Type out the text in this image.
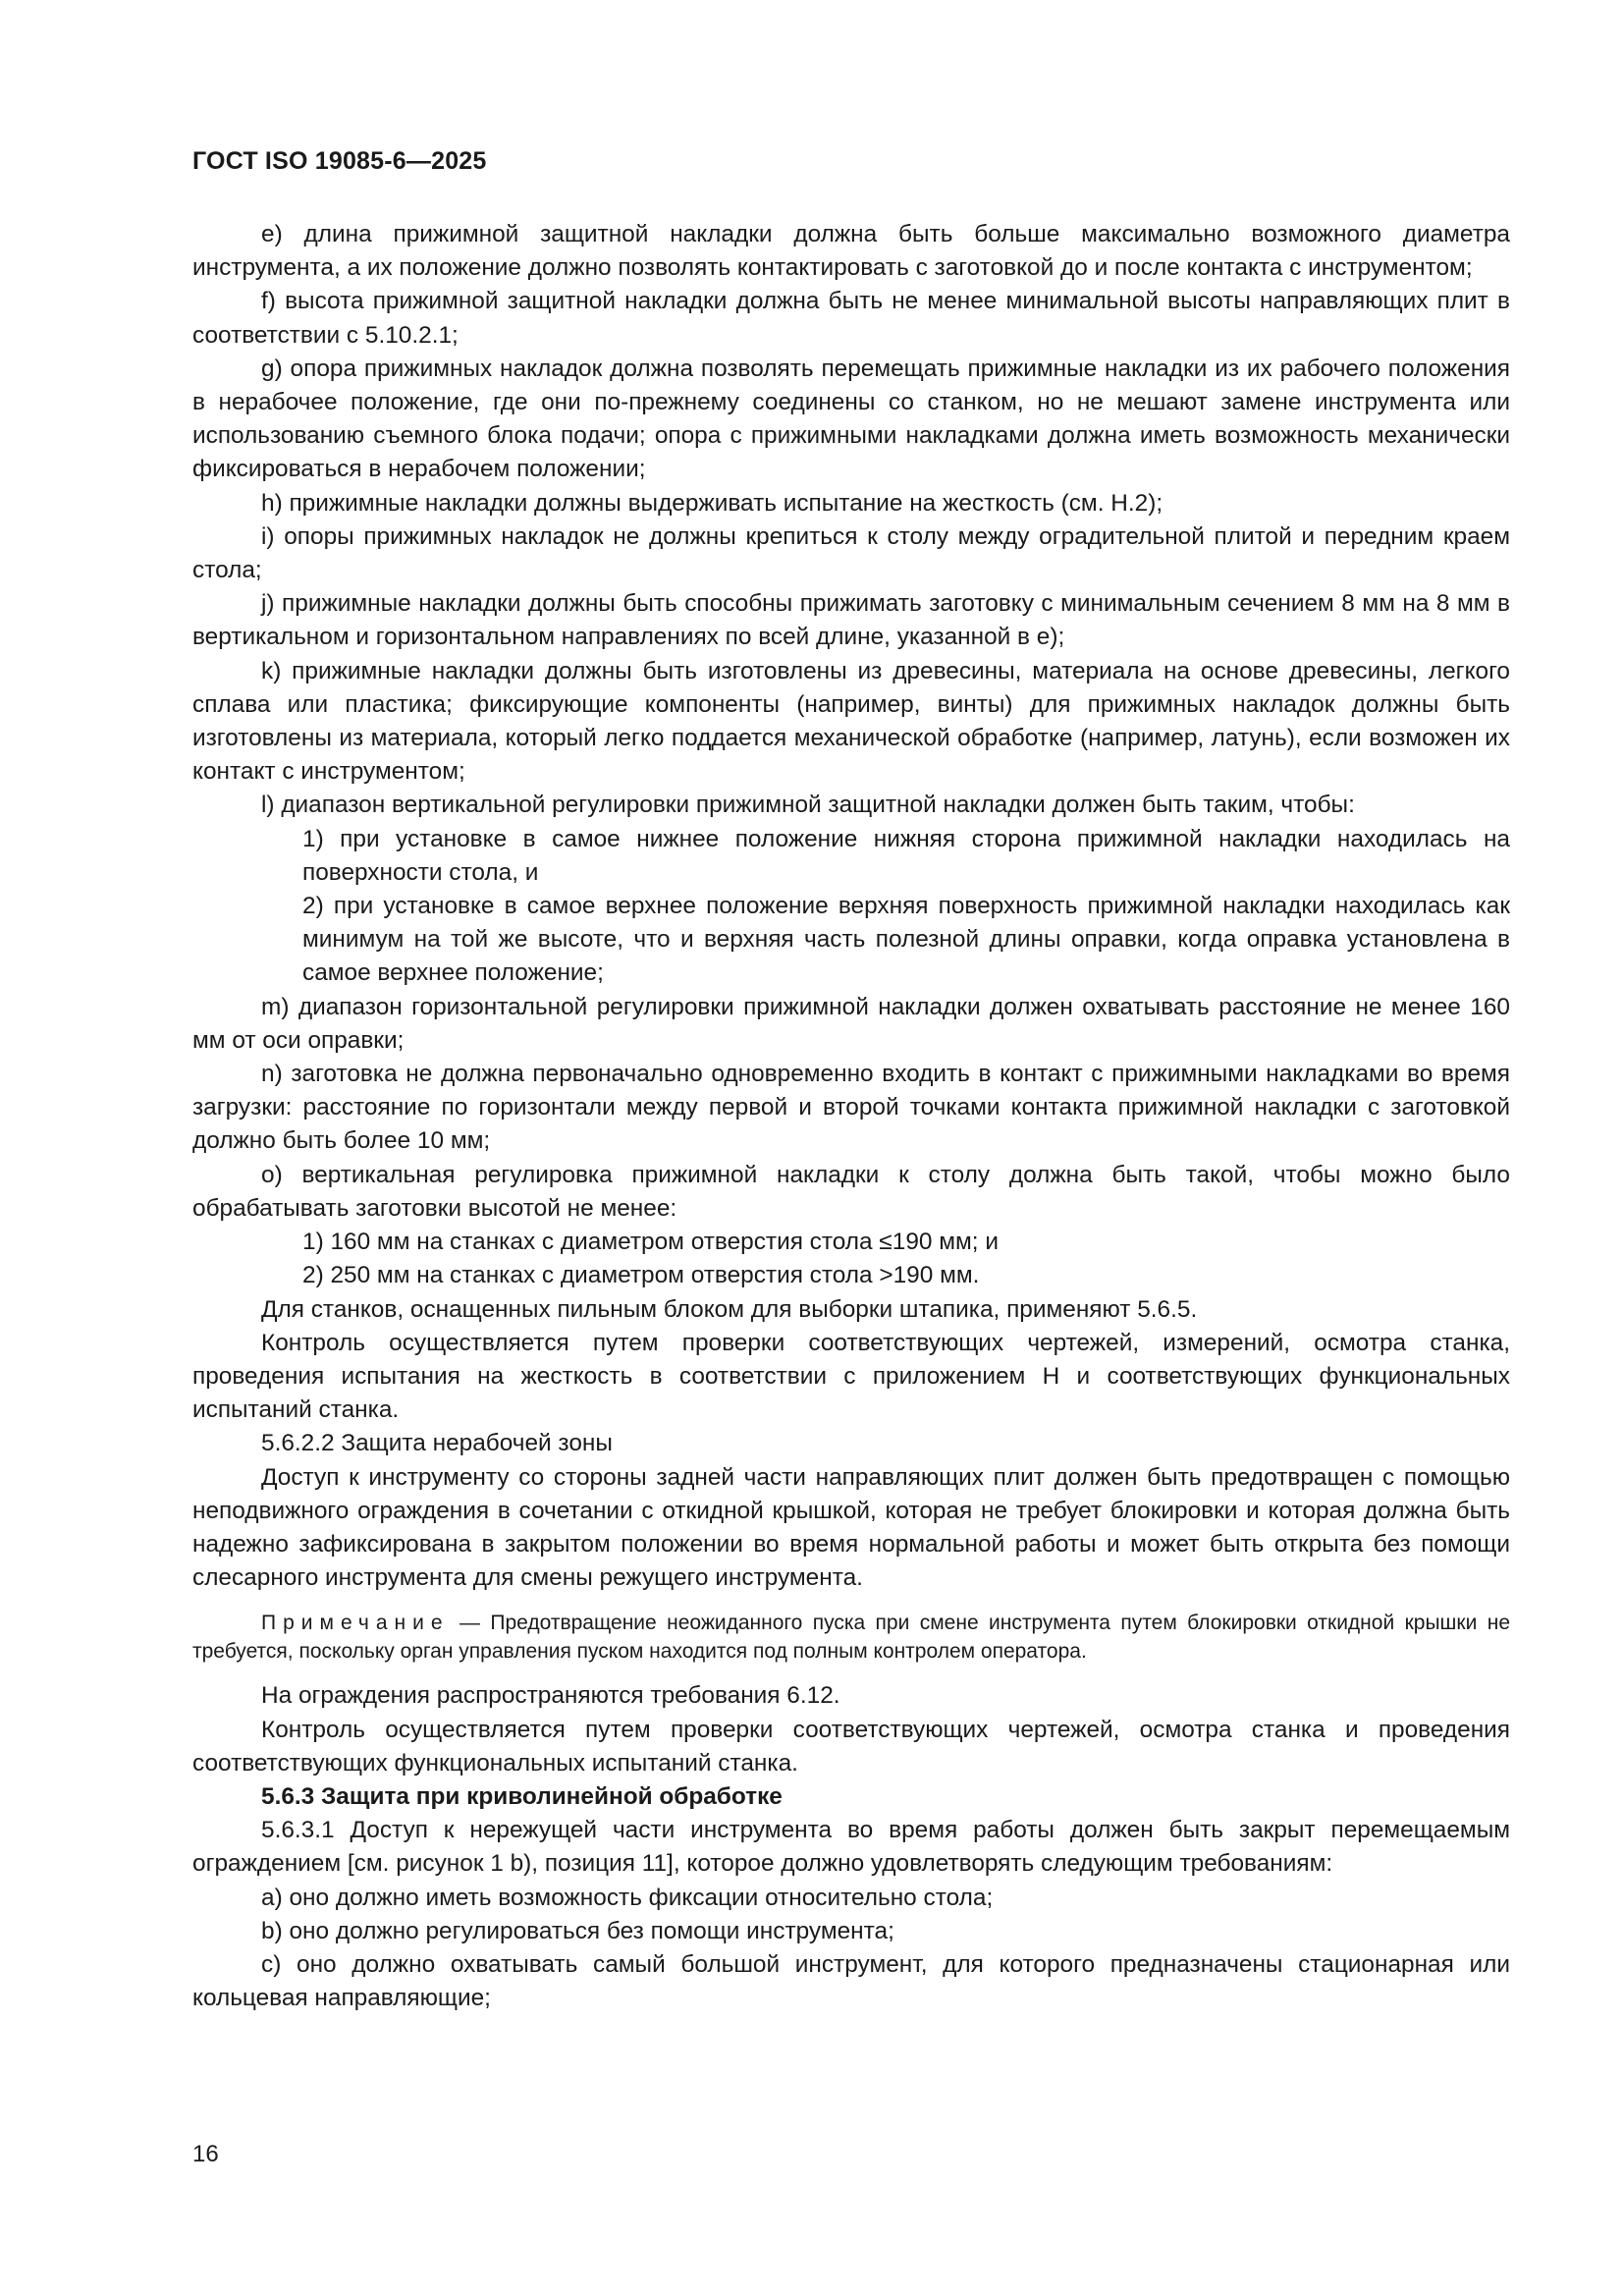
ГОСТ ISO 19085-6—2025

е) длина прижимной защитной накладки должна быть больше максимально возможного диаметра инструмента, а их положение должно позволять контактировать с заготовкой до и после контакта с инструментом;

f) высота прижимной защитной накладки должна быть не менее минимальной высоты направляющих плит в соответствии с 5.10.2.1;

g) опора прижимных накладок должна позволять перемещать прижимные накладки из их рабочего положения в нерабочее положение, где они по-прежнему соединены со станком, но не мешают замене инструмента или использованию съемного блока подачи; опора с прижимными накладками должна иметь возможность механически фиксироваться в нерабочем положении;

h) прижимные накладки должны выдерживать испытание на жесткость (см. Н.2);

i) опоры прижимных накладок не должны крепиться к столу между оградительной плитой и передним краем стола;

j) прижимные накладки должны быть способны прижимать заготовку с минимальным сечением 8 мм на 8 мм в вертикальном и горизонтальном направлениях по всей длине, указанной в е);

k) прижимные накладки должны быть изготовлены из древесины, материала на основе древесины, легкого сплава или пластика; фиксирующие компоненты (например, винты) для прижимных накладок должны быть изготовлены из материала, который легко поддается механической обработке (например, латунь), если возможен их контакт с инструментом;

l) диапазон вертикальной регулировки прижимной защитной накладки должен быть таким, чтобы:

1) при установке в самое нижнее положение нижняя сторона прижимной накладки находилась на поверхности стола, и

2) при установке в самое верхнее положение верхняя поверхность прижимной накладки находилась как минимум на той же высоте, что и верхняя часть полезной длины оправки, когда оправка установлена в самое верхнее положение;

m) диапазон горизонтальной регулировки прижимной накладки должен охватывать расстояние не менее 160 мм от оси оправки;

n) заготовка не должна первоначально одновременно входить в контакт с прижимными накладками во время загрузки: расстояние по горизонтали между первой и второй точками контакта прижимной накладки с заготовкой должно быть более 10 мм;

o) вертикальная регулировка прижимной накладки к столу должна быть такой, чтобы можно было обрабатывать заготовки высотой не менее:

1) 160 мм на станках с диаметром отверстия стола ≤190 мм; и

2) 250 мм на станках с диаметром отверстия стола >190 мм.

Для станков, оснащенных пильным блоком для выборки штапика, применяют 5.6.5.

Контроль осуществляется путем проверки соответствующих чертежей, измерений, осмотра станка, проведения испытания на жесткость в соответствии с приложением Н и соответствующих функциональных испытаний станка.

5.6.2.2 Защита нерабочей зоны

Доступ к инструменту со стороны задней части направляющих плит должен быть предотвращен с помощью неподвижного ограждения в сочетании с откидной крышкой, которая не требует блокировки и которая должна быть надежно зафиксирована в закрытом положении во время нормальной работы и может быть открыта без помощи слесарного инструмента для смены режущего инструмента.

Примечание — Предотвращение неожиданного пуска при смене инструмента путем блокировки откидной крышки не требуется, поскольку орган управления пуском находится под полным контролем оператора.

На ограждения распространяются требования 6.12.

Контроль осуществляется путем проверки соответствующих чертежей, осмотра станка и проведения соответствующих функциональных испытаний станка.

5.6.3 Защита при криволинейной обработке

5.6.3.1 Доступ к нережущей части инструмента во время работы должен быть закрыт перемещаемым ограждением [см. рисунок 1 b), позиция 11], которое должно удовлетворять следующим требованиям:

a) оно должно иметь возможность фиксации относительно стола;

b) оно должно регулироваться без помощи инструмента;

c) оно должно охватывать самый большой инструмент, для которого предназначены стационарная или кольцевая направляющие;

16
